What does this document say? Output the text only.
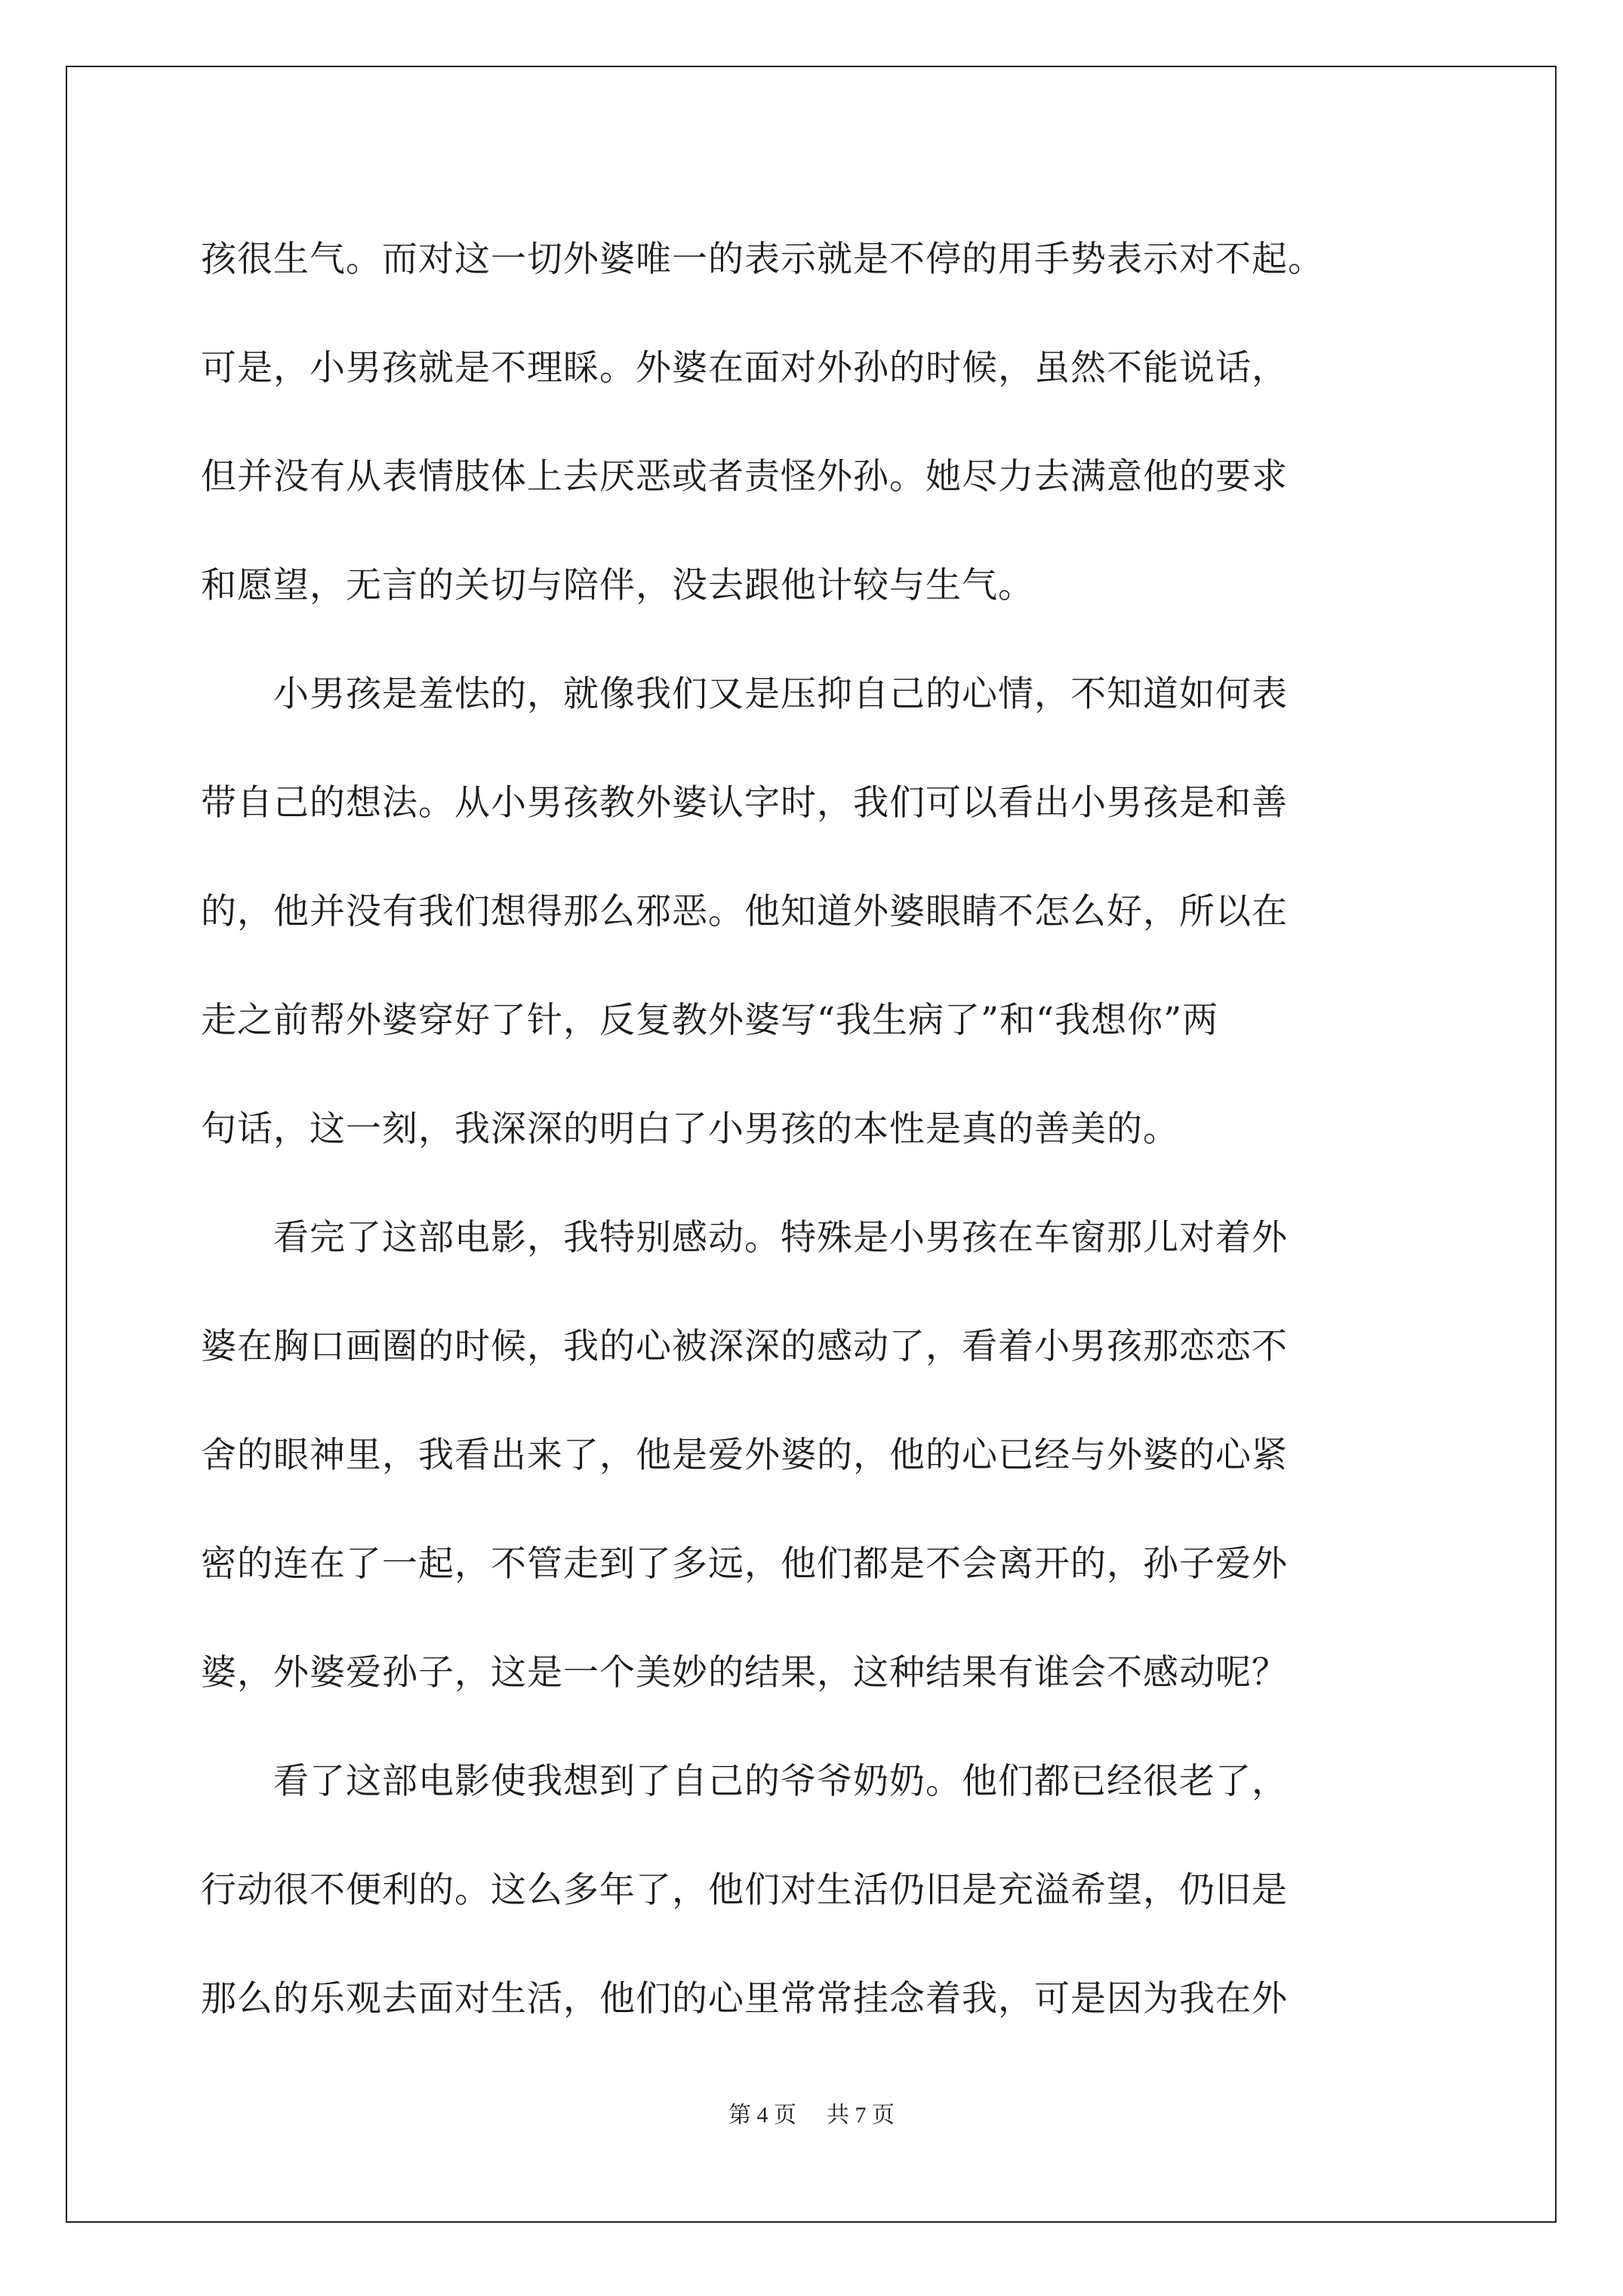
孩很生气。而对这一切外婆唯一的表示就是不停的用手势表示对不起。
可是，小男孩就是不理睬。外婆在面对外孙的时候，虽然不能说话，
但并没有从表情肢体上去厌恶或者责怪外孙。她尽力去满意他的要求
和愿望，无言的关切与陪伴，没去跟他计较与生气。
小男孩是羞怯的，就像我们又是压抑自己的心情，不知道如何表
带自己的想法。从小男孩教外婆认字时，我们可以看出小男孩是和善
的，他并没有我们想得那么邪恶。他知道外婆眼睛不怎么好，所以在
走之前帮外婆穿好了针，反复教外婆写“我生病了”和“我想你”两
句话，这一刻，我深深的明白了小男孩的本性是真的善美的。
看完了这部电影，我特别感动。特殊是小男孩在车窗那儿对着外
婆在胸口画圈的时候，我的心被深深的感动了，看着小男孩那恋恋不
舍的眼神里，我看出来了，他是爱外婆的，他的心已经与外婆的心紧
密的连在了一起，不管走到了多远，他们都是不会离开的，孙子爱外
婆，外婆爱孙子，这是一个美妙的结果，这种结果有谁会不感动呢？
看了这部电影使我想到了自己的爷爷奶奶。他们都已经很老了，
行动很不便利的。这么多年了，他们对生活仍旧是充溢希望，仍旧是
那么的乐观去面对生活，他们的心里常常挂念着我，可是因为我在外
第 4 页 共 7 页
